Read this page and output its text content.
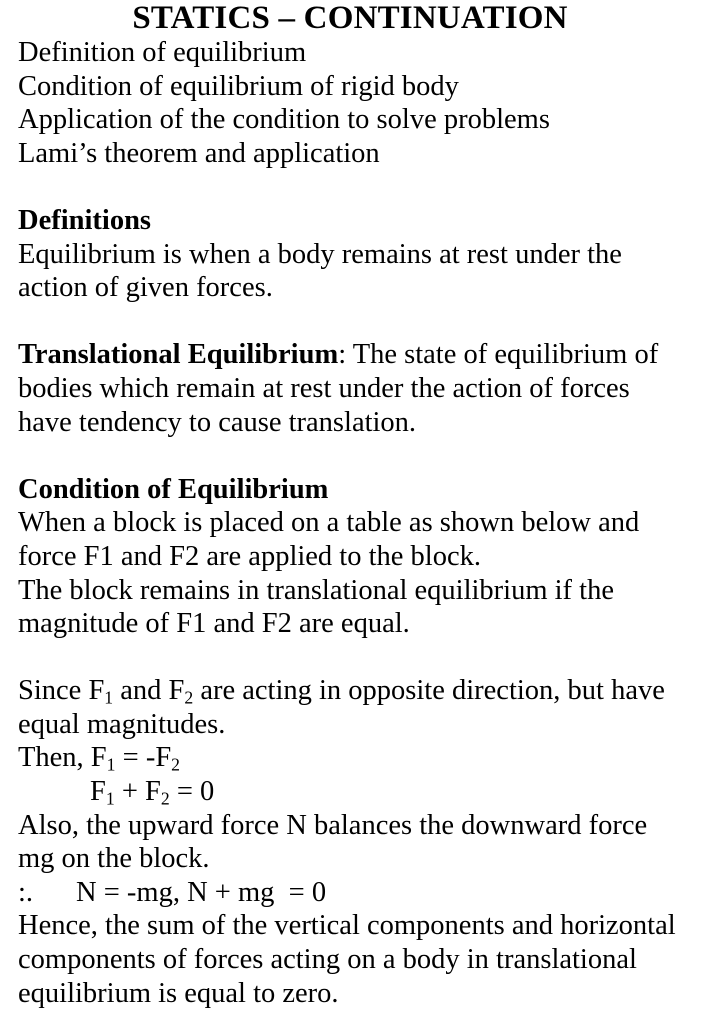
STATICS – CONTINUATION
Definition of equilibrium
Condition of equilibrium of rigid body
Application of the condition to solve problems
Lami’s theorem and application

Definitions

Equilibrium is when a body remains at rest under the

action of given forces.

Translational Equilibrium: The state of equilibrium of

bodies which remain at rest under the action of forces

have tendency to cause translation.

Condition of Equilibrium

When a block is placed on a table as shown below and

force F1 and F2 are applied to the block.

The block remains in translational equilibrium if the

magnitude of F1 and F2 are equal.

Since $F_1$ and $F_2$ are acting in opposite direction, but have

equal magnitudes.

Then, $F_1 = -F_2$

$F_1 + F_2 = 0$

Also, the upward force N balances the downward force

mg on the block.

:. N = -mg, N + mg  = 0

Hence, the sum of the vertical components and horizontal

components of forces acting on a body in translational

equilibrium is equal to zero.
